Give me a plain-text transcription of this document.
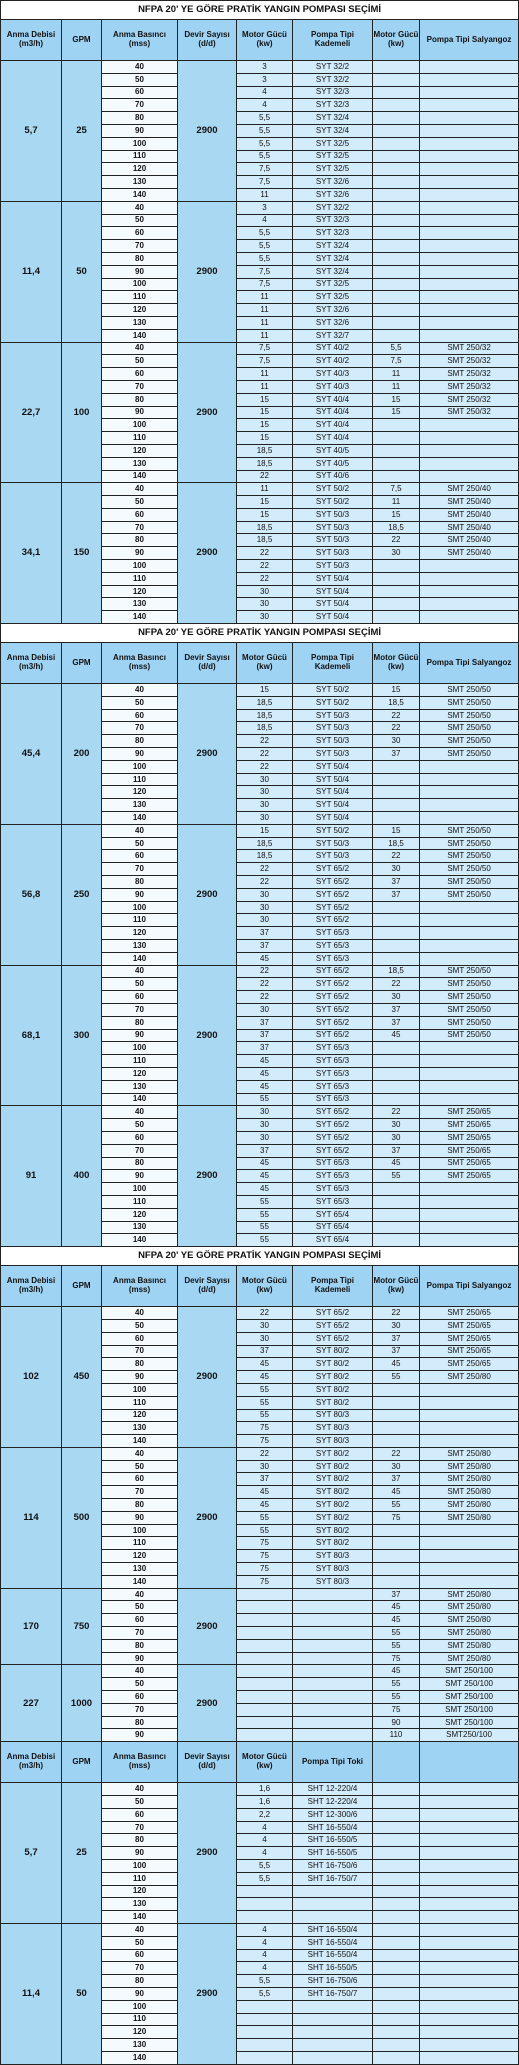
NFPA 20' YE GÖRE PRATİK YANGIN POMPASI SEÇİMİ							
Anma Debisi (m3/h)	GPM	Anma Basıncı (mss)	Devir Sayısı (d/d)	Motor Gücü (kw)	Pompa Tipi Kademeli	Motor Gücü (kw)	Pompa Tipi Salyangoz
5,7	25	40	2900	3	SYT 32/2		
		50		3	SYT 32/2		
		60		4	SYT 32/3		
		70		4	SYT 32/3		
		80		5,5	SYT 32/4		
		90		5,5	SYT 32/4		
		100		5,5	SYT 32/5		
		110		5,5	SYT 32/5		
		120		7,5	SYT 32/5		
		130		7,5	SYT 32/6		
		140		11	SYT 32/6		
11,4	50	40	2900	3	SYT 32/2		
		50		4	SYT 32/3		
		60		5,5	SYT 32/3		
		70		5,5	SYT 32/4		
		80		5,5	SYT 32/4		
		90		7,5	SYT 32/4		
		100		7,5	SYT 32/5		
		110		11	SYT 32/5		
		120		11	SYT 32/6		
		130		11	SYT 32/6		
		140		11	SYT 32/7		
22,7	100	40	2900	7,5	SYT 40/2	5,5	SMT 250/32
		50		7,5	SYT 40/2	7,5	SMT 250/32
		60		11	SYT 40/3	11	SMT 250/32
		70		11	SYT 40/3	11	SMT 250/32
		80		15	SYT 40/4	15	SMT 250/32
		90		15	SYT 40/4	15	SMT 250/32
		100		15	SYT 40/4		
		110		15	SYT 40/4		
		120		18,5	SYT 40/5		
		130		18,5	SYT 40/5		
		140		22	SYT 40/6		
34,1	150	40	2900	11	SYT 50/2	7,5	SMT 250/40
		50		15	SYT 50/2	11	SMT 250/40
		60		15	SYT 50/3	15	SMT 250/40
		70		18,5	SYT 50/3	18,5	SMT 250/40
		80		18,5	SYT 50/3	22	SMT 250/40
		90		22	SYT 50/3	30	SMT 250/40
		100		22	SYT 50/3		
		110		22	SYT 50/4		
		120		30	SYT 50/4		
		130		30	SYT 50/4		
		140		30	SYT 50/4		
NFPA 20' YE GÖRE PRATİK YANGIN POMPASI SEÇİMİ							
Anma Debisi (m3/h)	GPM	Anma Basıncı (mss)	Devir Sayısı (d/d)	Motor Gücü (kw)	Pompa Tipi Kademeli	Motor Gücü (kw)	Pompa Tipi Salyangoz
45,4	200	40	2900	15	SYT 50/2	15	SMT 250/50
		50		18,5	SYT 50/2	18,5	SMT 250/50
		60		18,5	SYT 50/3	22	SMT 250/50
		70		18,5	SYT 50/3	22	SMT 250/50
		80		22	SYT 50/3	30	SMT 250/50
		90		22	SYT 50/3	37	SMT 250/50
		100		22	SYT 50/4		
		110		30	SYT 50/4		
		120		30	SYT 50/4		
		130		30	SYT 50/4		
		140		30	SYT 50/4		
56,8	250	40	2900	15	SYT 50/2	15	SMT 250/50
		50		18,5	SYT 50/3	18,5	SMT 250/50
		60		18,5	SYT 50/3	22	SMT 250/50
		70		22	SYT 65/2	30	SMT 250/50
		80		22	SYT 65/2	37	SMT 250/50
		90		30	SYT 65/2	37	SMT 250/50
		100		30	SYT 65/2		
		110		30	SYT 65/2		
		120		37	SYT 65/3		
		130		37	SYT 65/3		
		140		45	SYT 65/3		
68,1	300	40	2900	22	SYT 65/2	18,5	SMT 250/50
		50		22	SYT 65/2	22	SMT 250/50
		60		22	SYT 65/2	30	SMT 250/50
		70		30	SYT 65/2	37	SMT 250/50
		80		37	SYT 65/2	37	SMT 250/50
		90		37	SYT 65/2	45	SMT 250/50
		100		37	SYT 65/3		
		110		45	SYT 65/3		
		120		45	SYT 65/3		
		130		45	SYT 65/3		
		140		55	SYT 65/3		
91	400	40	2900	30	SYT 65/2	22	SMT 250/65
		50		30	SYT 65/2	30	SMT 250/65
		60		30	SYT 65/2	30	SMT 250/65
		70		37	SYT 65/2	37	SMT 250/65
		80		45	SYT 65/3	45	SMT 250/65
		90		45	SYT 65/3	55	SMT 250/65
		100		45	SYT 65/3		
		110		55	SYT 65/3		
		120		55	SYT 65/4		
		130		55	SYT 65/4		
		140		55	SYT 65/4		
NFPA 20' YE GÖRE PRATİK YANGIN POMPASI SEÇİMİ							
Anma Debisi (m3/h)	GPM	Anma Basıncı (mss)	Devir Sayısı (d/d)	Motor Gücü (kw)	Pompa Tipi Kademeli	Motor Gücü (kw)	Pompa Tipi Salyangoz
102	450	40	2900	22	SYT 65/2	22	SMT 250/65
		50		30	SYT 65/2	30	SMT 250/65
		60		30	SYT 65/2	37	SMT 250/65
		70		37	SYT 80/2	37	SMT 250/65
		80		45	SYT 80/2	45	SMT 250/65
		90		45	SYT 80/2	55	SMT 250/80
		100		55	SYT 80/2		
		110		55	SYT 80/2		
		120		55	SYT 80/3		
		130		75	SYT 80/3		
		140		75	SYT 80/3		
114	500	40	2900	22	SYT 80/2	22	SMT 250/80
		50		30	SYT 80/2	30	SMT 250/80
		60		37	SYT 80/2	37	SMT 250/80
		70		45	SYT 80/2	45	SMT 250/80
		80		45	SYT 80/2	55	SMT 250/80
		90		55	SYT 80/2	75	SMT 250/80
		100		55	SYT 80/2		
		110		75	SYT 80/2		
		120		75	SYT 80/3		
		130		75	SYT 80/3		
		140		75	SYT 80/3		
170	750	40	2900			37	SMT 250/80
		50				45	SMT 250/80
		60				45	SMT 250/80
		70				55	SMT 250/80
		80				55	SMT 250/80
		90				75	SMT 250/80
227	1000	40	2900			45	SMT 250/100
		50				55	SMT 250/100
		60				55	SMT 250/100
		70				75	SMT 250/100
		80				90	SMT 250/100
		90				110	SMT250/100
Anma Debisi (m3/h)	GPM	Anma Basıncı (mss)	Devir Sayısı (d/d)	Motor Gücü (kw)	Pompa Tipi Toki		
5,7	25	40	2900	1,6	SHT 12-220/4		
		50		1,6	SHT 12-220/4		
		60		2,2	SHT 12-300/6		
		70		4	SHT 16-550/4		
		80		4	SHT 16-550/5		
		90		4	SHT 16-550/5		
		100		5,5	SHT 16-750/6		
		110		5,5	SHT 16-750/7		
		120					
		130					
		140					
11,4	50	40	2900	4	SHT 16-550/4		
		50		4	SHT 16-550/4		
		60		4	SHT 16-550/4		
		70		4	SHT 16-550/5		
		80		5,5	SHT 16-750/6		
		90		5,5	SHT 16-750/7		
		100					
		110					
		120					
		130					
		140					
